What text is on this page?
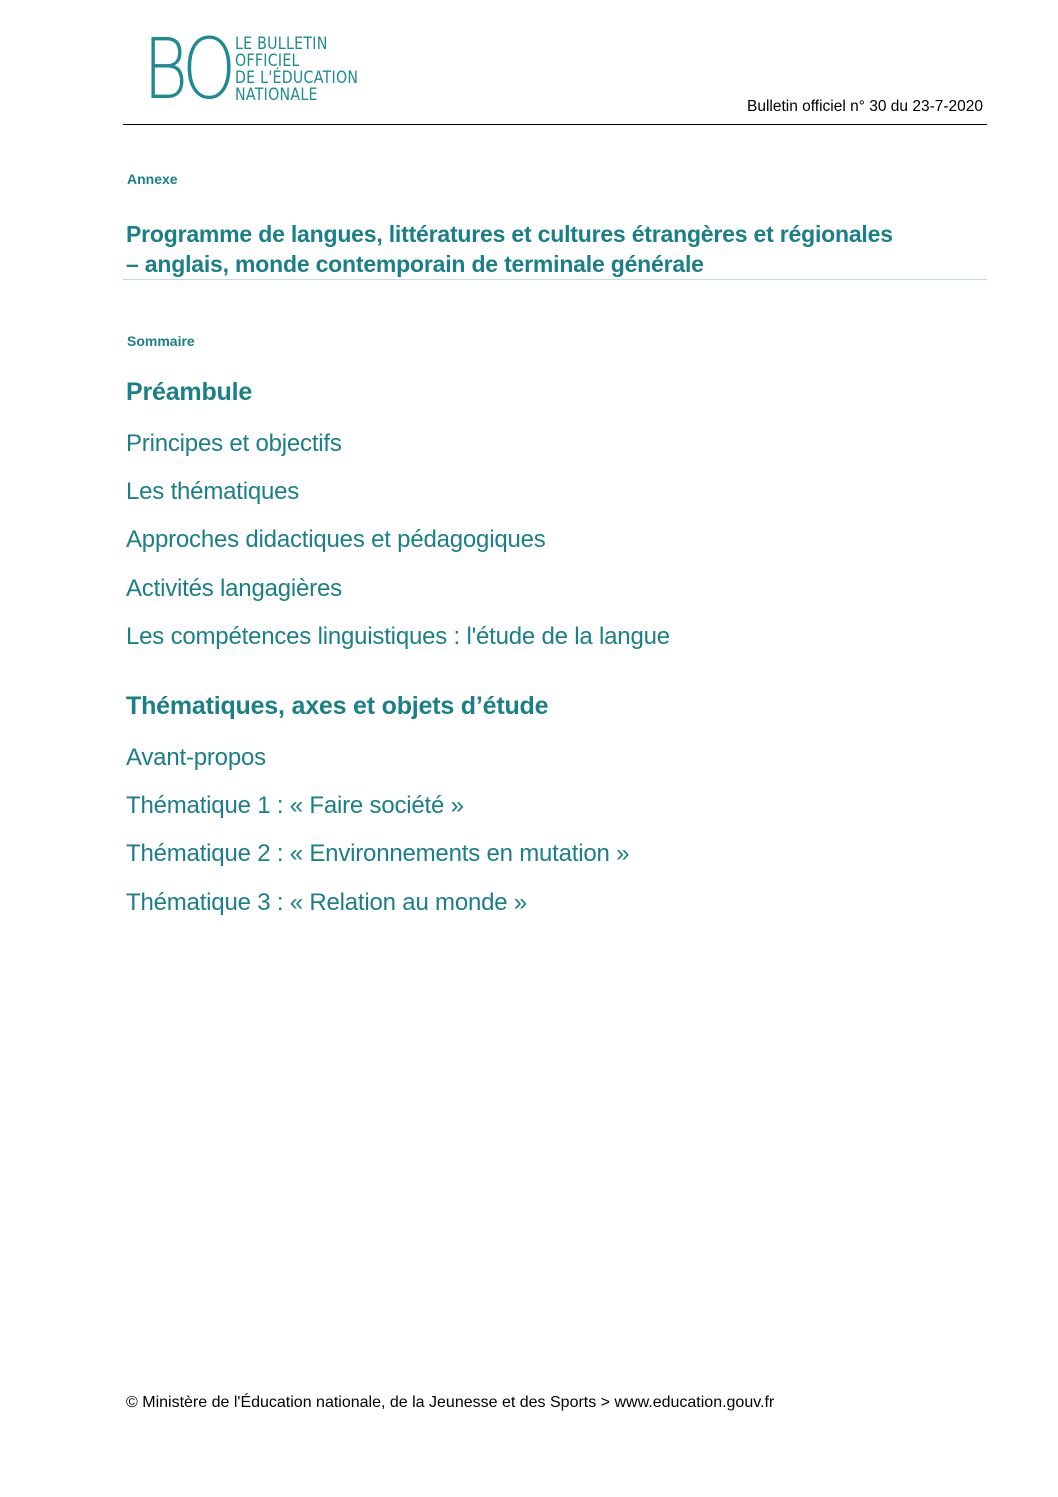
BO LE BULLETIN
OFFICIEL
DE L'ÉDUCATION
NATIONALE
Bulletin officiel n° 30 du 23-7-2020
Annexe
Programme de langues, littératures et cultures étrangères et régionales
– anglais, monde contemporain de terminale générale
Sommaire
Préambule
Principes et objectifs
Les thématiques
Approches didactiques et pédagogiques
Activités langagières
Les compétences linguistiques : l'étude de la langue
Thématiques, axes et objets d’étude
Avant-propos
Thématique 1 : « Faire société »
Thématique 2 : « Environnements en mutation »
Thématique 3 : « Relation au monde »
© Ministère de l'Éducation nationale, de la Jeunesse et des Sports > www.education.gouv.fr
